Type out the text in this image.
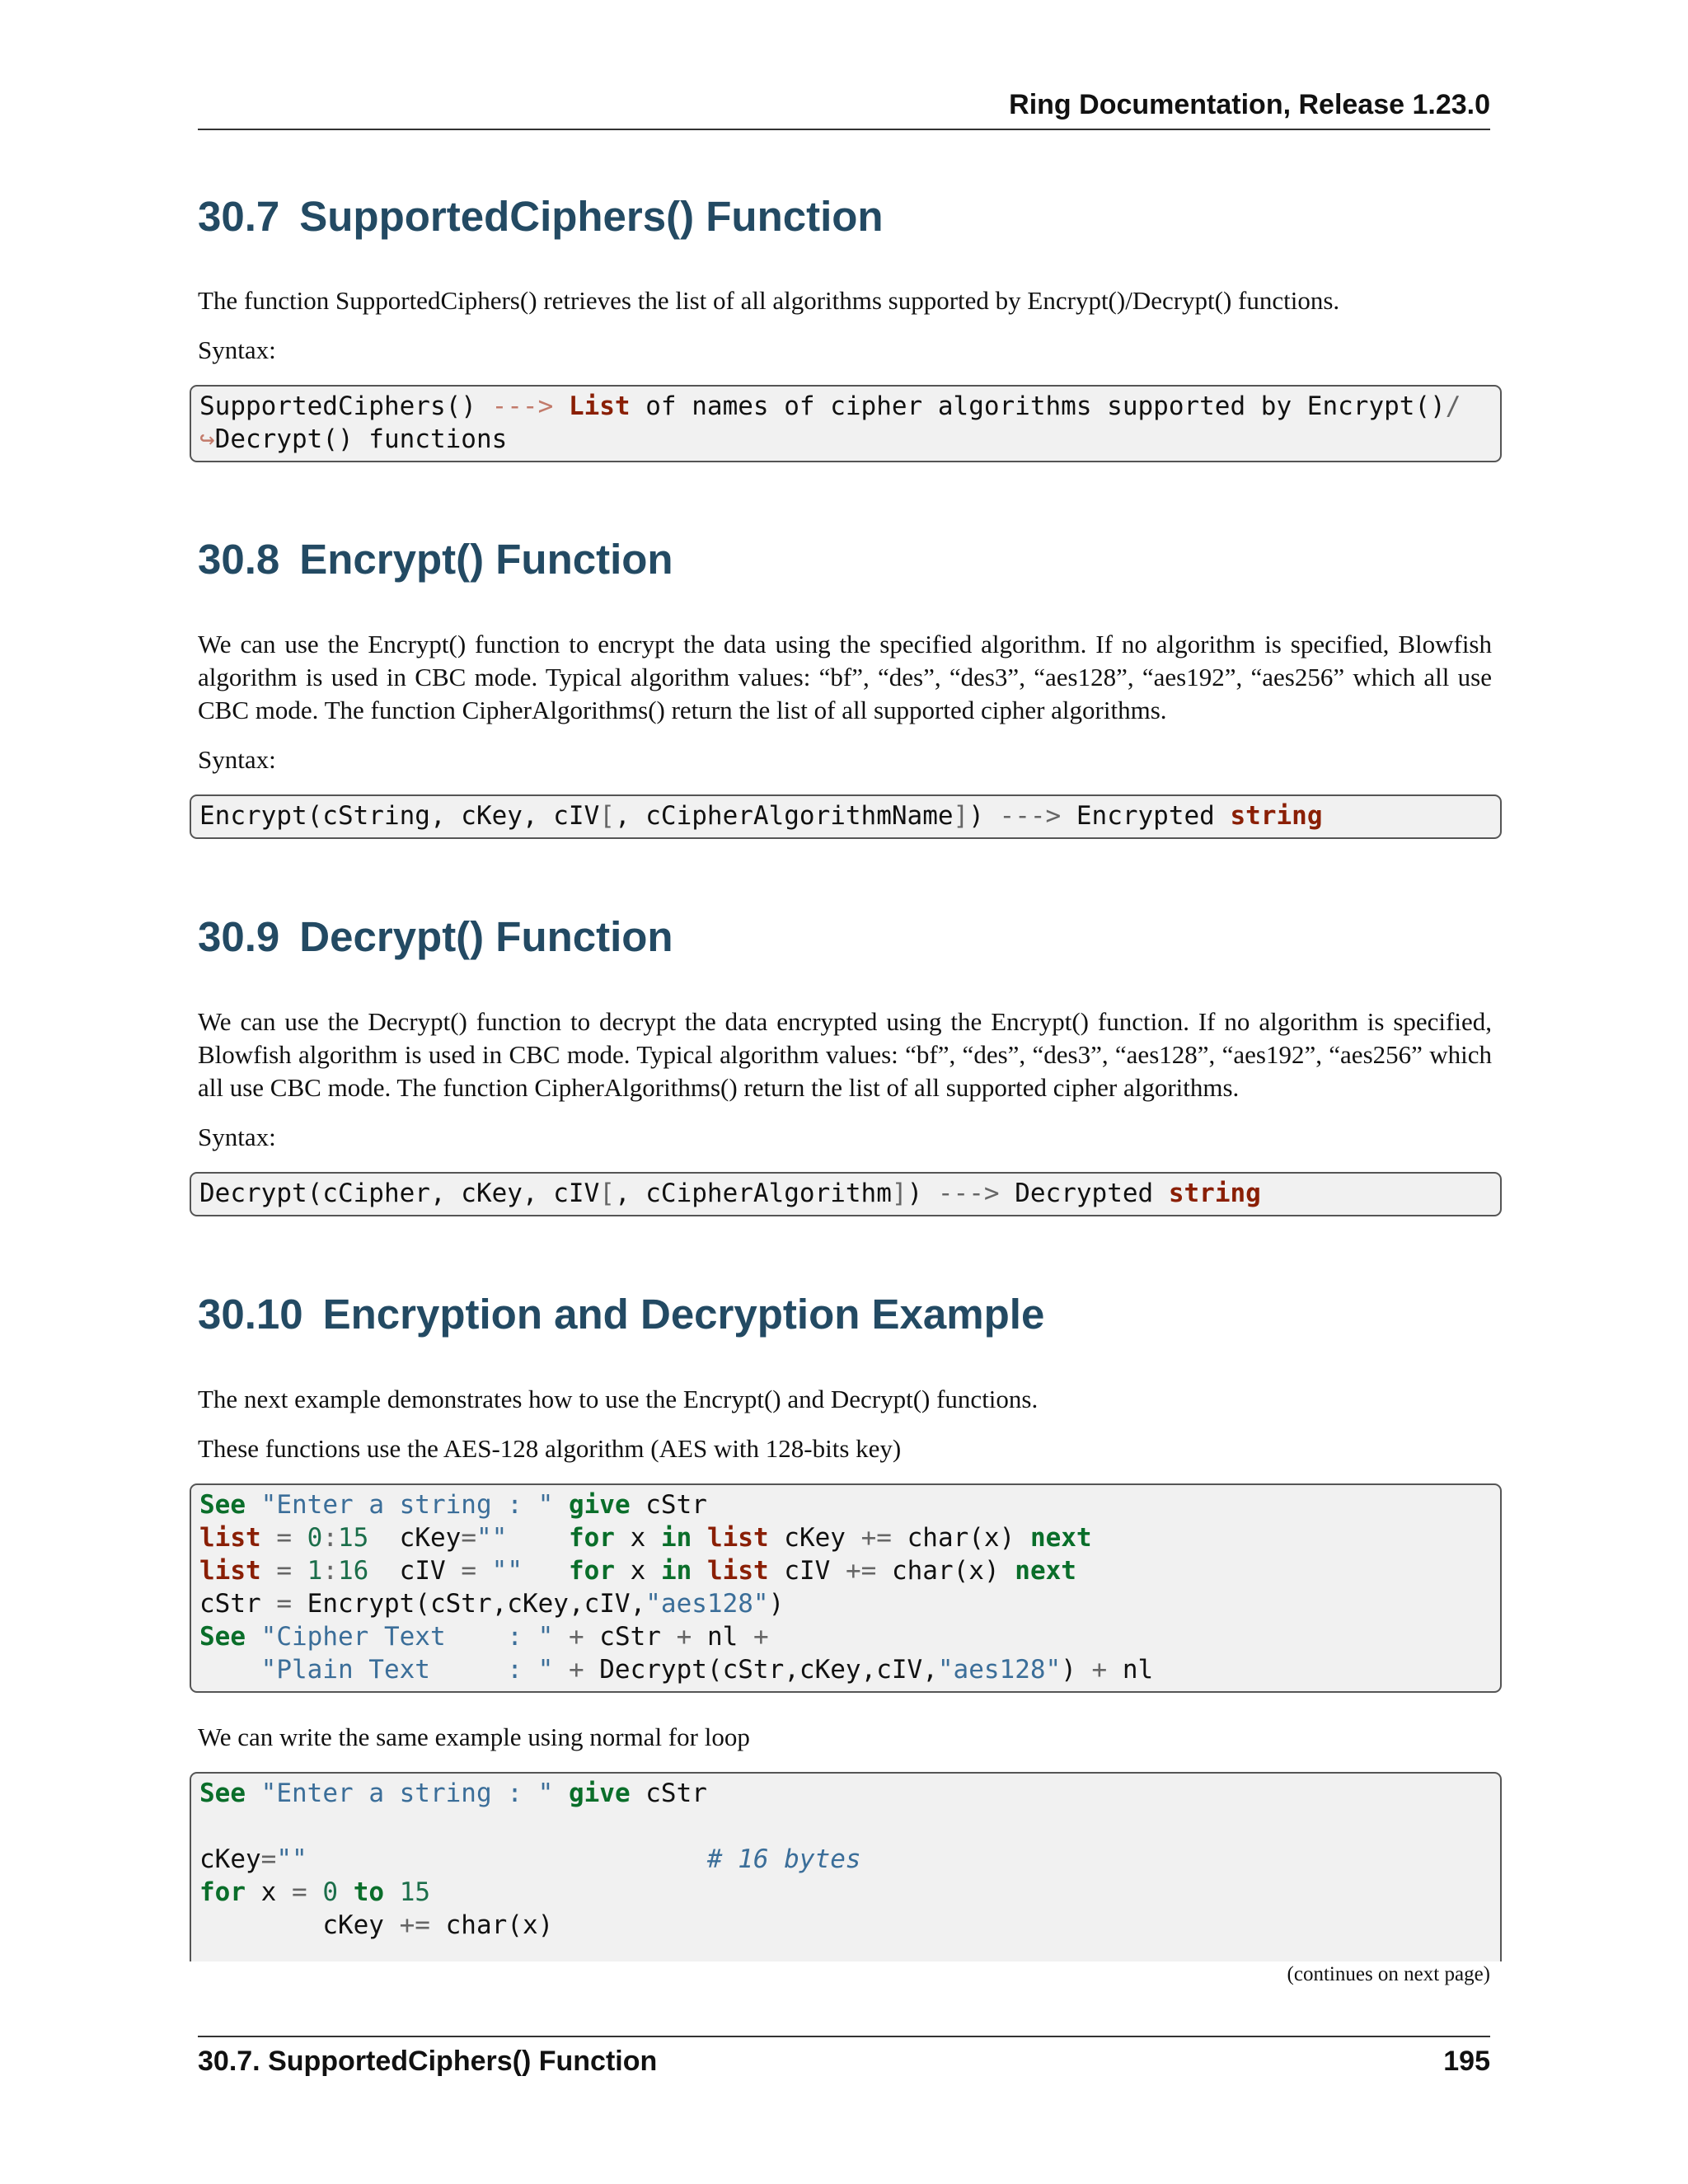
Ring Documentation, Release 1.23.0
30.7 SupportedCiphers() Function

The function SupportedCiphers() retrieves the list of all algorithms supported by Encrypt()/Decrypt() functions.

Syntax:

SupportedCiphers() ---> List of names of cipher algorithms supported by Encrypt()/
↪Decrypt() functions
30.8 Encrypt() Function

We can use the Encrypt() function to encrypt the data using the specified algorithm. If no algorithm is specified, Blowfish algorithm is used in CBC mode. Typical algorithm values: “bf”, “des”, “des3”, “aes128”, “aes192”, “aes256” which all use CBC mode. The function CipherAlgorithms() return the list of all supported cipher algorithms.

Syntax:

Encrypt(cString, cKey, cIV[, cCipherAlgorithmName]) ---> Encrypted string
30.9 Decrypt() Function

We can use the Decrypt() function to decrypt the data encrypted using the Encrypt() function. If no algorithm is specified, Blowfish algorithm is used in CBC mode. Typical algorithm values: “bf”, “des”, “des3”, “aes128”, “aes192”, “aes256” which all use CBC mode. The function CipherAlgorithms() return the list of all supported cipher algorithms.

Syntax:

Decrypt(cCipher, cKey, cIV[, cCipherAlgorithm]) ---> Decrypted string
30.10 Encryption and Decryption Example

The next example demonstrates how to use the Encrypt() and Decrypt() functions.

These functions use the AES-128 algorithm (AES with 128-bits key)

See "Enter a string : " give cStr
list = 0:15 cKey="" for x in list cKey += char(x) next
list = 1:16 cIV = "" for x in list cIV += char(x) next
cStr = Encrypt(cStr,cKey,cIV,"aes128")
See "Cipher Text    : " + cStr + nl +
"Plain Text     : " + Decrypt(cStr,cKey,cIV,"aes128") + nl

We can write the same example using normal for loop

See "Enter a string : " give cStr
cKey=""	# 16 bytes
for x = 0 to 15
cKey += char(x)
(continues on next page)
30.7. SupportedCiphers() Function	195
